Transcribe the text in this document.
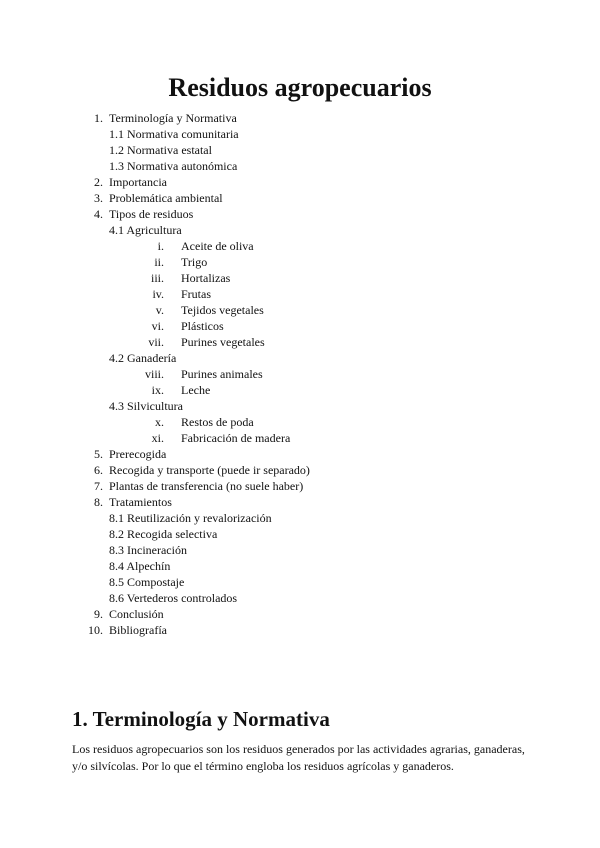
Residuos agropecuarios
1. Terminología y Normativa
1.1 Normativa comunitaria
1.2 Normativa estatal
1.3 Normativa autonómica
2. Importancia
3. Problemática ambiental
4. Tipos de residuos
4.1 Agricultura
i. Aceite de oliva
ii. Trigo
iii. Hortalizas
iv. Frutas
v. Tejidos vegetales
vi. Plásticos
vii. Purines vegetales
4.2 Ganadería
viii. Purines animales
ix. Leche
4.3 Silvicultura
x. Restos de poda
xi. Fabricación de madera
5. Prerecogida
6. Recogida y transporte (puede ir separado)
7. Plantas de transferencia (no suele haber)
8. Tratamientos
8.1 Reutilización y revalorización
8.2 Recogida selectiva
8.3 Incineración
8.4 Alpechín
8.5 Compostaje
8.6 Vertederos controlados
9. Conclusión
10. Bibliografía
1. Terminología y Normativa

Los residuos agropecuarios son los residuos generados por las actividades agrarias, ganaderas, y/o silvícolas. Por lo que el término engloba los residuos agrícolas y ganaderos.
